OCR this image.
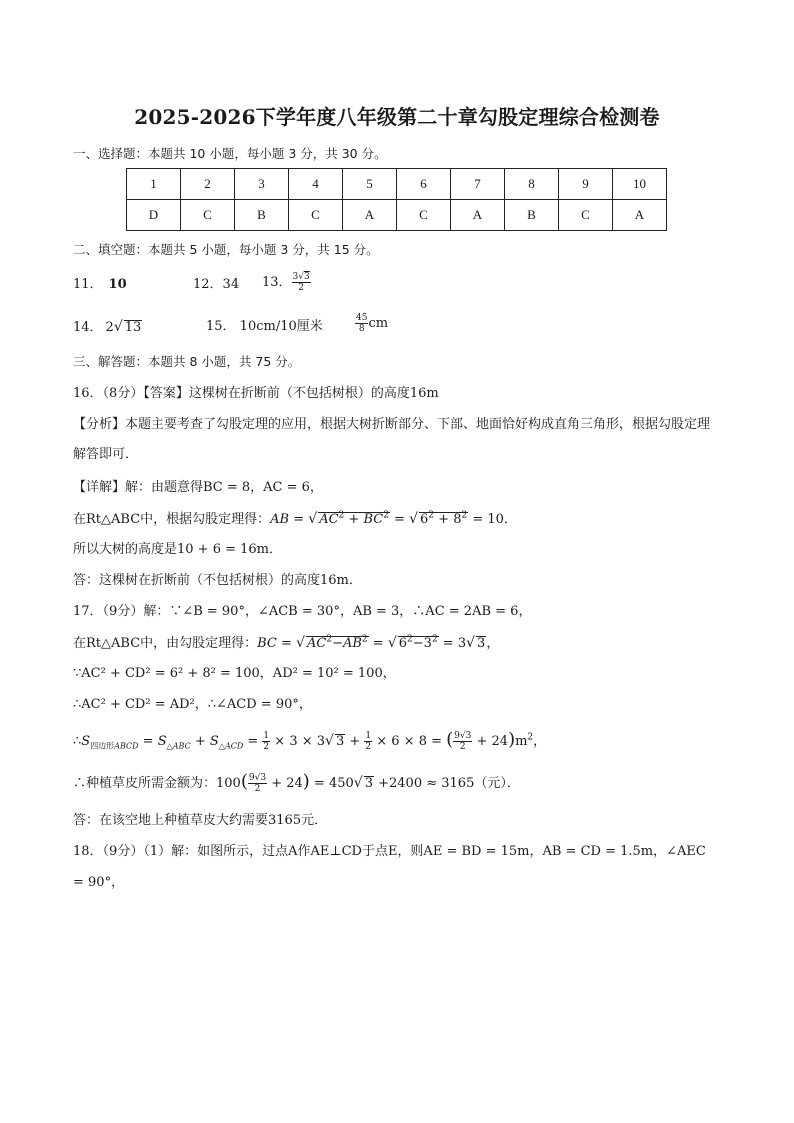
2025-2026下学年度八年级第二十章勾股定理综合检测卷
一、选择题：本题共 10 小题，每小题 3 分，共 30 分。
1	2	3	4	5	6	7	8	9	10
D	C	B	C	A	C	A	B	C	A
二、填空题：本题共 5 小题，每小题 3 分，共 15 分。
11． 10	12．34 13． $\frac{3√3}{2}$
14． 2√ 13	15． 10cm/10厘米	$\frac{45}{8}$ cm
三、解答题：本题共 8 小题，共 75 分。
16．（8分）【答案】这棵树在折断前（不包括树根）的高度16m
【分析】本题主要考查了勾股定理的应用，根据大树折断部分、下部、地面恰好构成直角三角形，根据勾股定理解答即可．
【详解】解：由题意得BC = 8，AC = 6，
在Rt△ABC中，根据勾股定理得：AB = √ $AC^2 + BC^2$ = √ $6^2 + 8^2 = 10$．
所以大树的高度是10 + 6 = 16m．
答：这棵树在折断前（不包括树根）的高度16m．
17．（9分）解：∵∠B = 90°，∠ACB = 30°，AB = 3，∴AC = 2AB = 6，
在Rt△ABC中，由勾股定理得：BC = √ $AC^2-AB^2$ = √ $6^2-3^2 = 3√$ 3，
∵AC² + CD² = 6² + 8² = 100，AD² = 10² = 100，
∴AC² + CD² = AD²，∴∠ACD = 90°，
$\therefore S_{四边形ABCD} = S_{\triangle ABC} + S_{\triangle ACD} = \frac{1}{2} \times 3 \times 3√$ $3 + \frac{1}{2} \times 6 \times 8$ = ( $\frac{9√3}{2} + 24)m^2$，
∴种植草皮所需金额为：$100( \frac{9√3}{2} + 24) = 450√$ 3 +2400 ≈ 3165（元）．
答：在该空地上种植草皮大约需要3165元．
18．（9分）（1）解：如图所示，过点A作AE⊥CD于点E，则AE = BD = 15m，AB = CD = 1.5m，∠AEC
= 90°，
